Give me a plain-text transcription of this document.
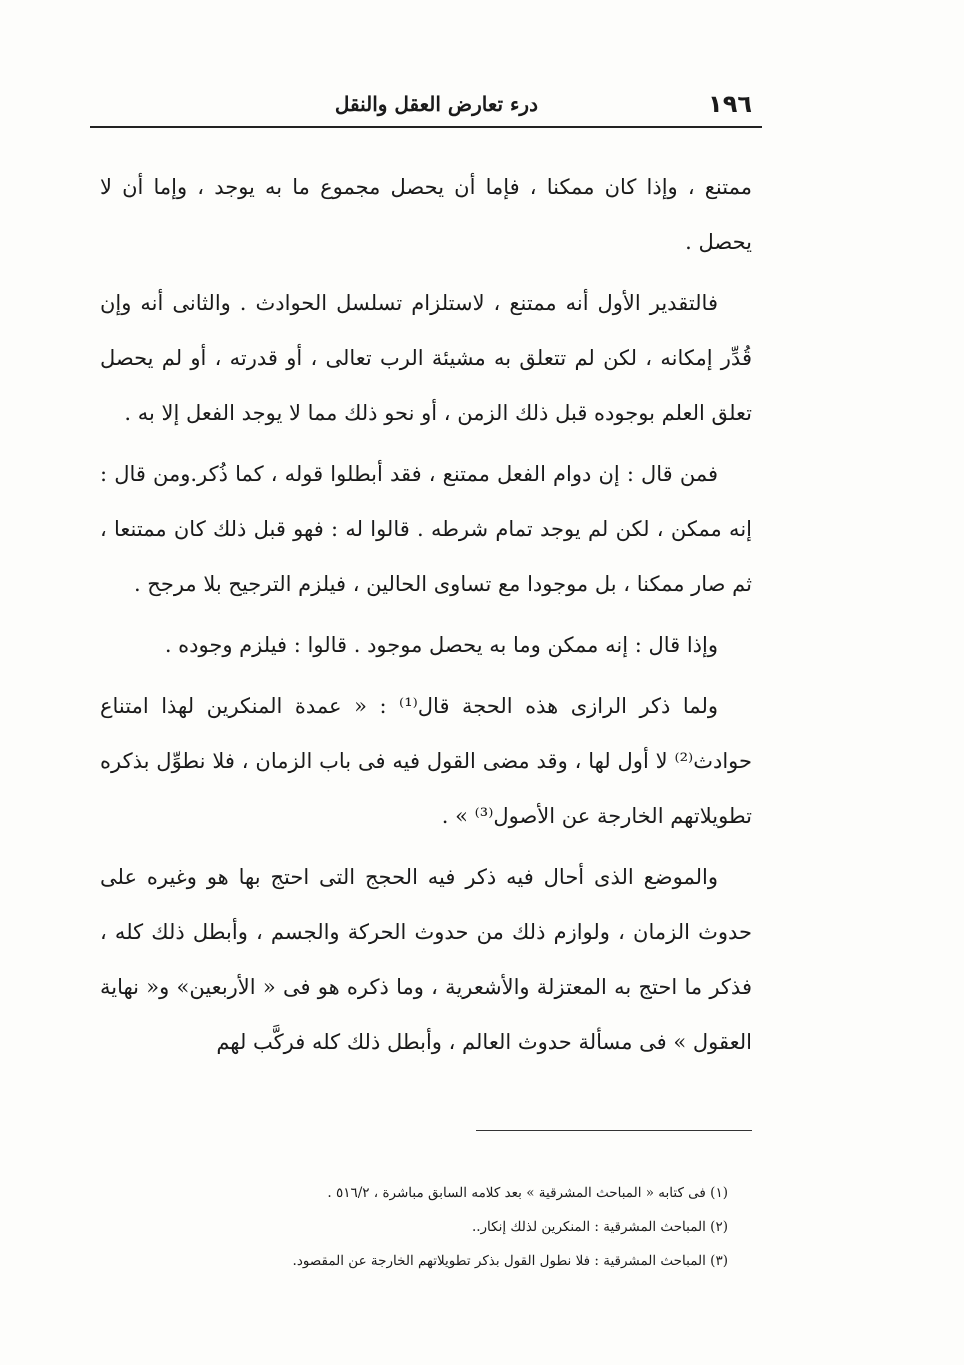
١٩٦
درء تعارض العقل والنقل

ممتنع ، وإذا كان ممكنا ، فإما أن يحصل مجموع ما به يوجد ، وإما أن لا يحصل .

فالتقدير الأول أنه ممتنع ، لاستلزام تسلسل الحوادث . والثانى أنه وإن قُدِّر إمكانه ، لكن لم تتعلق به مشيئة الرب تعالى ، أو قدرته ، أو لم يحصل تعلق العلم بوجوده قبل ذلك الزمن ، أو نحو ذلك مما لا يوجد الفعل إلا به .

فمن قال : إن دوام الفعل ممتنع ، فقد أبطلوا قوله ، كما ذُكر.ومن قال : إنه ممكن ، لكن لم يوجد تمام شرطه . قالوا له : فهو قبل ذلك كان ممتنعا ، ثم صار ممكنا ، بل موجودا مع تساوى الحالين ، فيلزم الترجيح بلا مرجح .

وإذا قال : إنه ممكن وما به يحصل موجود . قالوا : فيلزم وجوده .

ولما ذكر الرازى هذه الحجة قال⁽¹⁾ : « عمدة المنكرين لهذا امتناع حوادث⁽²⁾ لا أول لها ، وقد مضى القول فيه فى باب الزمان ، فلا نطوِّل بذكره تطويلاتهم الخارجة عن الأصول⁽³⁾ » .

والموضع الذى أحال فيه ذكر فيه الحجج التى احتج بها هو وغيره على حدوث الزمان ، ولوازم ذلك من حدوث الحركة والجسم ، وأبطل ذلك كله ، فذكر ما احتج به المعتزلة والأشعرية ، وما ذكره هو فى « الأربعين» و« نهاية العقول » فى مسألة حدوث العالم ، وأبطل ذلك كله فركَّب لهم

(١) فى كتابه « المباحث المشرقية » بعد كلامه السابق مباشرة ، ٥١٦/٢ .
(٢) المباحث المشرقية : المنكرين لذلك إنكار..
(٣) المباحث المشرقية : فلا نطول القول بذكر تطويلاتهم الخارجة عن المقصود.
